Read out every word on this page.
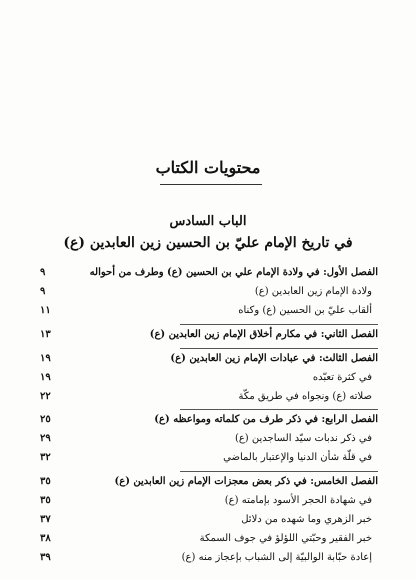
محتويات الكتاب
الباب السادس
في تاريخ الإمام عليّ بن الحسين زين العابدين (ع)
الفصل الأول: في ولادة الإمام علي بن الحسين (ع) وطرف من أحواله
٩
ولادة الإمام زين العابدين (ع)
٩
ألقاب عليّ بن الحسين (ع) وكناه
١١
الفصل الثاني: في مكارم أخلاق الإمام زين العابدين (ع)
١٣
الفصل الثالث: في عبادات الإمام زين العابدين (ع)
١٩
في كثرة تعبّده
١٩
صلاته (ع) ونجواه في طريق مكّة
٢٢
الفصل الرابع: في ذكر طرف من كلماته ومواعظه (ع)
٢٥
في ذكر ندبات سيّد الساجدين (ع)
٢٩
في قلّة شأن الدنيا والإعتبار بالماضي
٣٢
الفصل الخامس: في ذكر بعض معجزات الإمام زين العابدين (ع)
٣٥
في شهادة الحجر الأسود بإمامته (ع)
٣٥
خبر الزهري وما شهده من دلائل
٣٧
خبر الفقير وحبّتي اللؤلؤ في جوف السمكة
٣٨
إعادة حبّابة الوالبيّة إلى الشباب بإعجاز منه (ع)
٣٩
